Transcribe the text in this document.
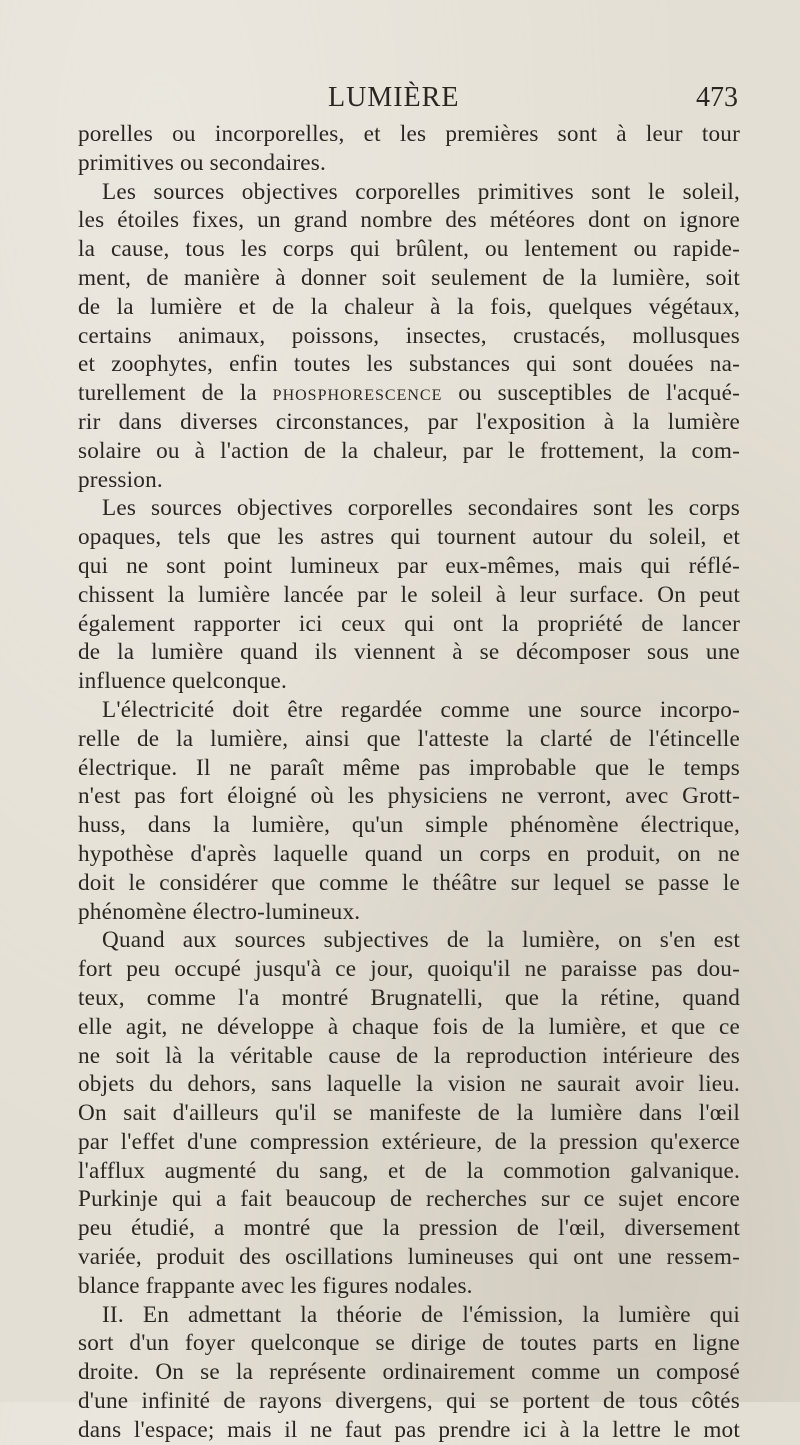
LUMIÈRE	473
porelles ou incorporelles, et les premières sont à leur tour
primitives ou secondaires.
Les sources objectives corporelles primitives sont le soleil,
les étoiles fixes, un grand nombre des météores dont on ignore
la cause, tous les corps qui brûlent, ou lentement ou rapide-
ment, de manière à donner soit seulement de la lumière, soit
de la lumière et de la chaleur à la fois, quelques végétaux,
certains animaux, poissons, insectes, crustacés, mollusques
et zoophytes, enfin toutes les substances qui sont douées na-
turellement de la phosphorescence ou susceptibles de l'acqué-
rir dans diverses circonstances, par l'exposition à la lumière
solaire ou à l'action de la chaleur, par le frottement, la com-
pression.
Les sources objectives corporelles secondaires sont les corps
opaques, tels que les astres qui tournent autour du soleil, et
qui ne sont point lumineux par eux-mêmes, mais qui réflé-
chissent la lumière lancée par le soleil à leur surface. On peut
également rapporter ici ceux qui ont la propriété de lancer
de la lumière quand ils viennent à se décomposer sous une
influence quelconque.
L'électricité doit être regardée comme une source incorpo-
relle de la lumière, ainsi que l'atteste la clarté de l'étincelle
électrique. Il ne paraît même pas improbable que le temps
n'est pas fort éloigné où les physiciens ne verront, avec Grott-
huss, dans la lumière, qu'un simple phénomène électrique,
hypothèse d'après laquelle quand un corps en produit, on ne
doit le considérer que comme le théâtre sur lequel se passe le
phénomène électro-lumineux.
Quand aux sources subjectives de la lumière, on s'en est
fort peu occupé jusqu'à ce jour, quoiqu'il ne paraisse pas dou-
teux, comme l'a montré Brugnatelli, que la rétine, quand
elle agit, ne développe à chaque fois de la lumière, et que ce
ne soit là la véritable cause de la reproduction intérieure des
objets du dehors, sans laquelle la vision ne saurait avoir lieu.
On sait d'ailleurs qu'il se manifeste de la lumière dans l'œil
par l'effet d'une compression extérieure, de la pression qu'exerce
l'afflux augmenté du sang, et de la commotion galvanique.
Purkinje qui a fait beaucoup de recherches sur ce sujet encore
peu étudié, a montré que la pression de l'œil, diversement
variée, produit des oscillations lumineuses qui ont une ressem-
blance frappante avec les figures nodales.
II. En admettant la théorie de l'émission, la lumière qui
sort d'un foyer quelconque se dirige de toutes parts en ligne
droite. On se la représente ordinairement comme un composé
d'une infinité de rayons divergens, qui se portent de tous côtés
dans l'espace; mais il ne faut pas prendre ici à la lettre le mot
